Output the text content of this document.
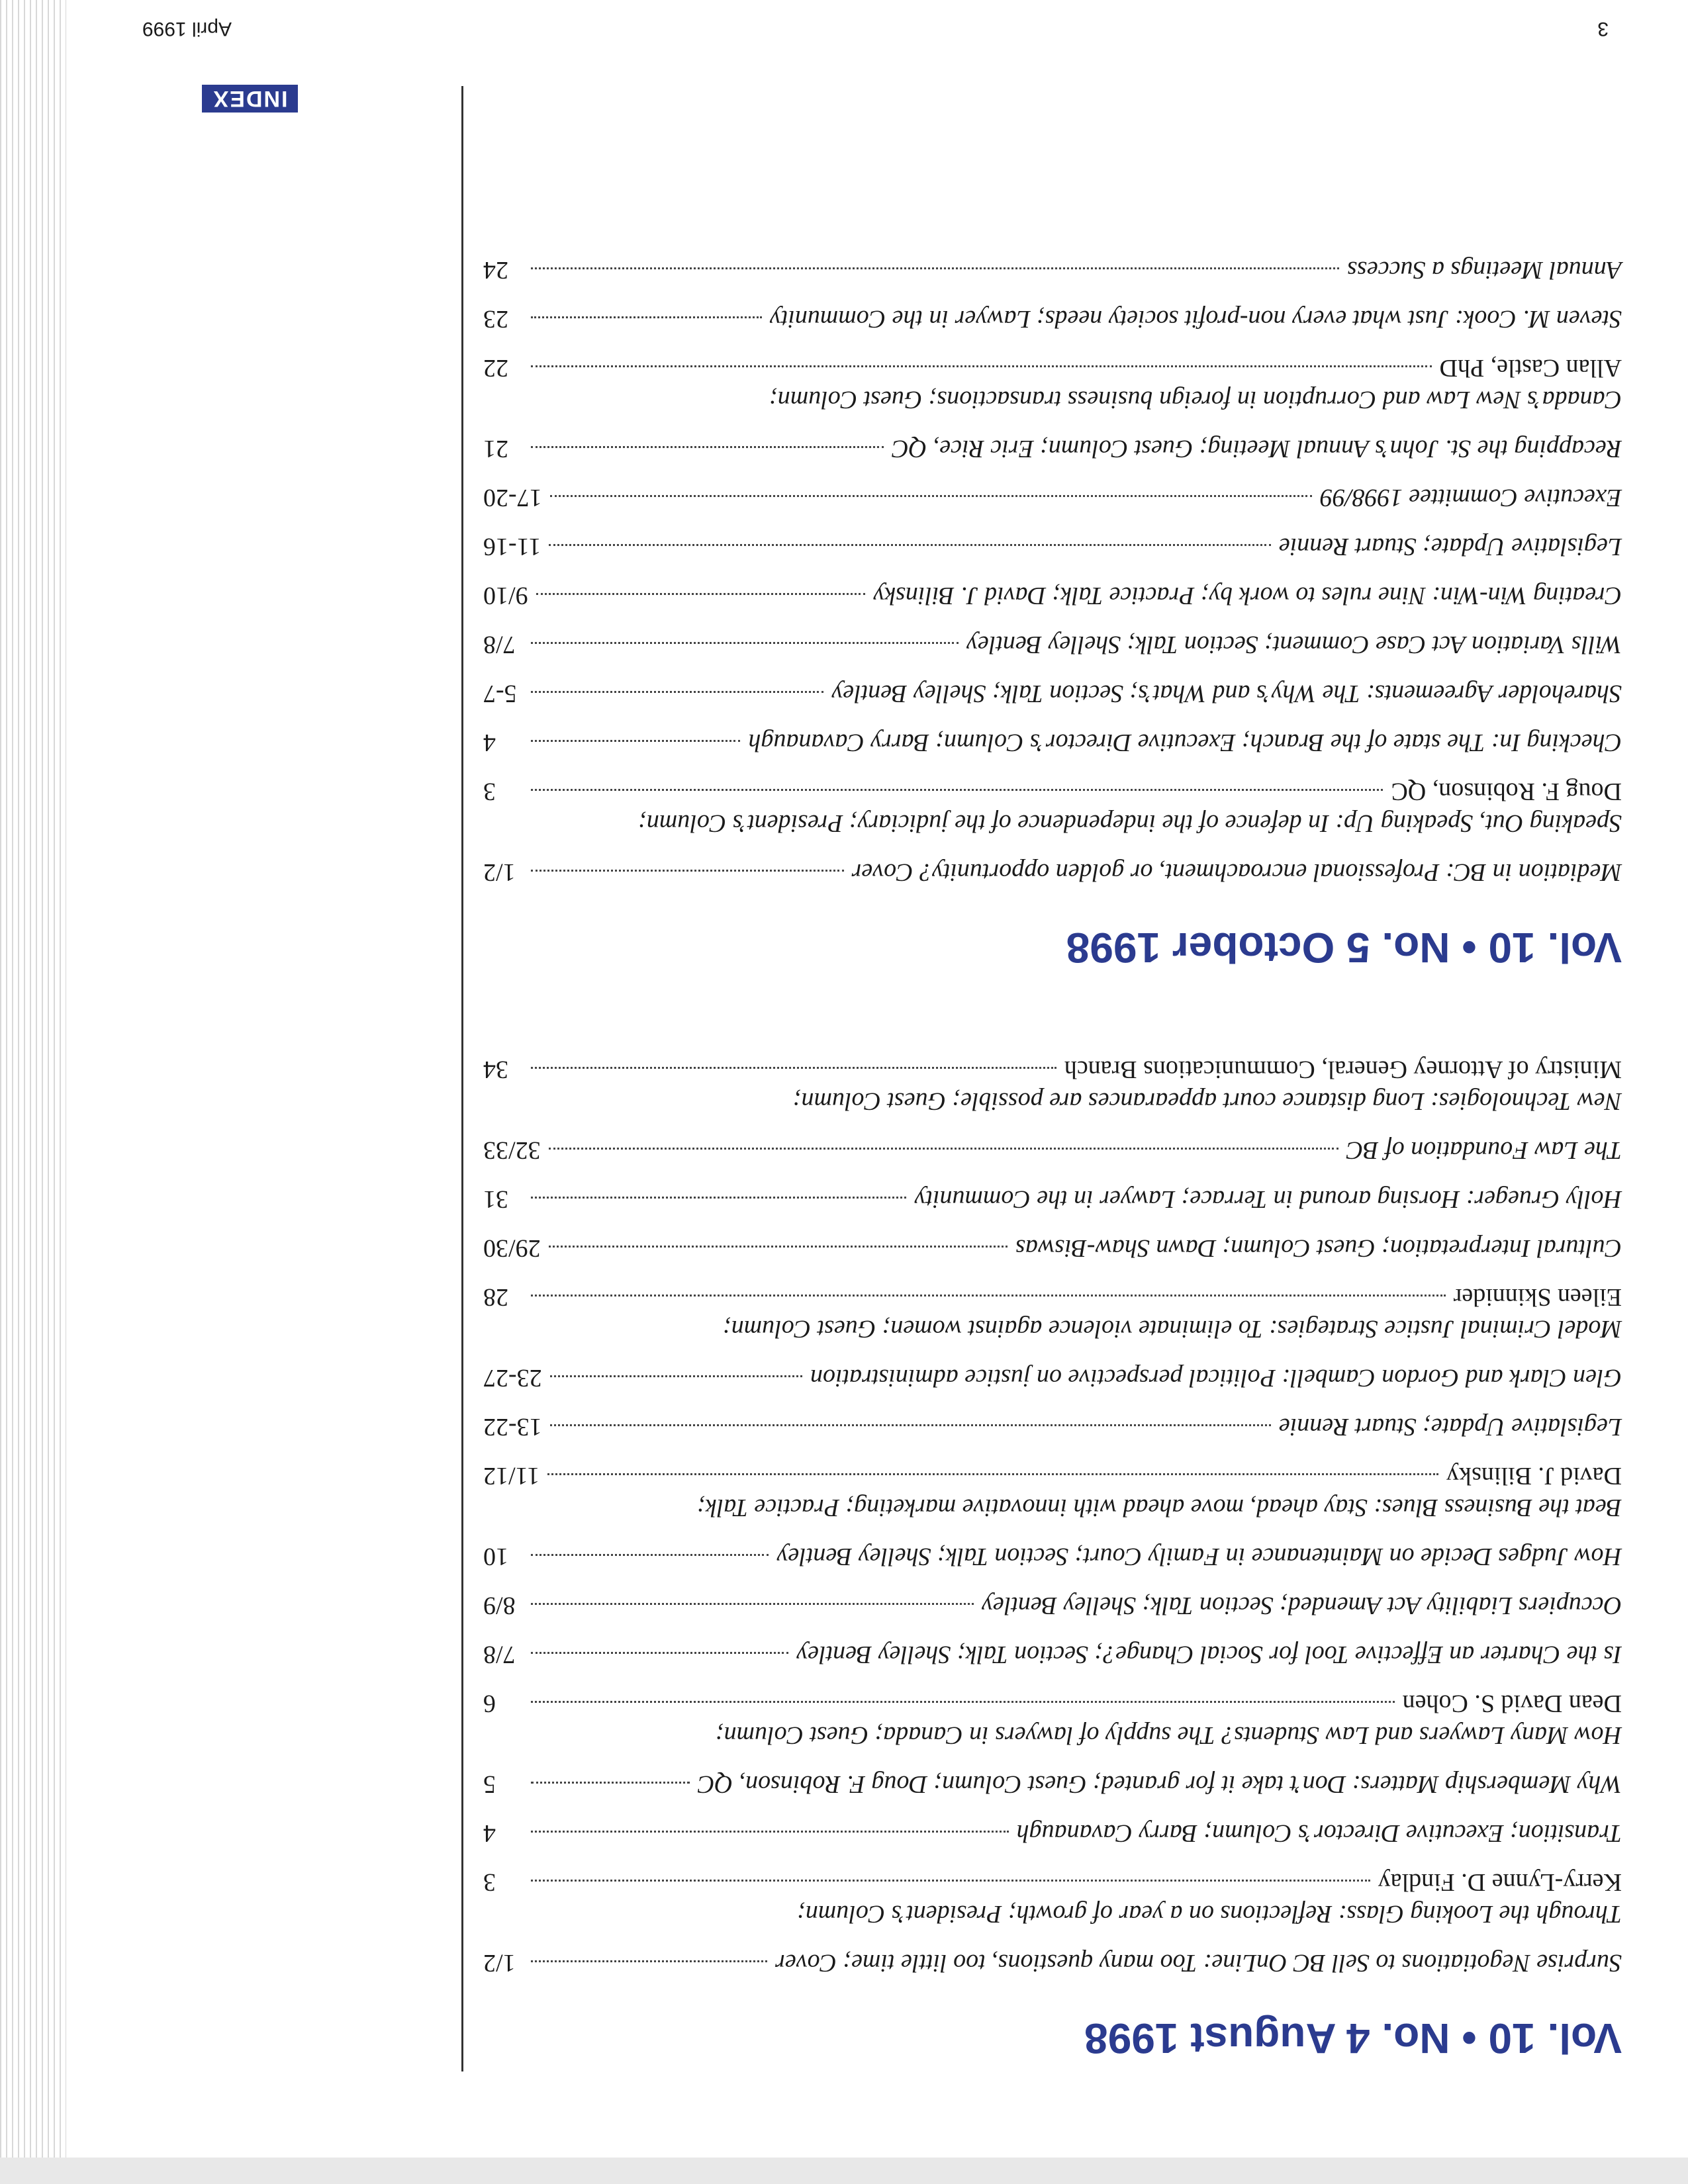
INDEX
April 1999	3
Vol. 10 • No. 4 August 1998
Surprise Negotiations to Sell BC OnLine: Too many questions, too little time; Cover
1/2
Through the Looking Glass: Reflections on a year of growth; President’s Column;
Kerry-Lynne D. Findlay
3
Transition; Executive Director’s Column; Barry Cavanaugh
4
Why Membership Matters: Don’t take it for granted; Guest Column; Doug F. Robinson, QC
5
How Many Lawyers and Law Students? The supply of lawyers in Canada; Guest Column;
Dean David S. Cohen
6
Is the Charter an Effective Tool for Social Change?; Section Talk; Shelley Bentley
7/8
Occupiers Liability Act Amended; Section Talk; Shelley Bentley
8/9
How Judges Decide on Maintenance in Family Court; Section Talk; Shelley Bentley
10
Beat the Business Blues: Stay ahead, move ahead with innovative marketing; Practice Talk;
David J. Bilinsky
11/12
Legislative Update; Stuart Rennie
13-22
Glen Clark and Gordon Cambell: Political perspective on justice administration
23-27
Model Criminal Justice Strategies: To eliminate violence against women; Guest Column;
Eileen Skinnider
28
Cultural Interpretation; Guest Column; Dawn Shaw-Biswas
29/30
Holly Grueger: Horsing around in Terrace; Lawyer in the Community
31
The Law Foundation of BC
32/33
New Technologies: Long distance court appearances are possible; Guest Column;
Ministry of Attorney General, Communications Branch
34
Vol. 10 • No. 5 October 1998
Mediation in BC: Professional encroachment, or golden opportunity? Cover
1/2
Speaking Out, Speaking Up: In defence of the independence of the judiciary; President’s Column;
Doug F. Robinson, QC
3
Checking In: The state of the Branch; Executive Director’s Column; Barry Cavanaugh
4
Shareholder Agreements: The Why’s and What’s; Section Talk; Shelley Bentley
5-7
Wills Variation Act Case Comment; Section Talk; Shelley Bentley
7/8
Creating Win-Win: Nine rules to work by; Practice Talk; David J. Bilinsky
9/10
Legislative Update; Stuart Rennie
11-16
Executive Committee 1998/99
17-20
Recapping the St. John’s Annual Meeting; Guest Column; Eric Rice, QC
21
Canada’s New Law and Corruption in foreign business transactions; Guest Column;
Allan Castle, PhD
22
Steven M. Cook: Just what every non-profit society needs; Lawyer in the Community
23
Annual Meetings a Success
24
